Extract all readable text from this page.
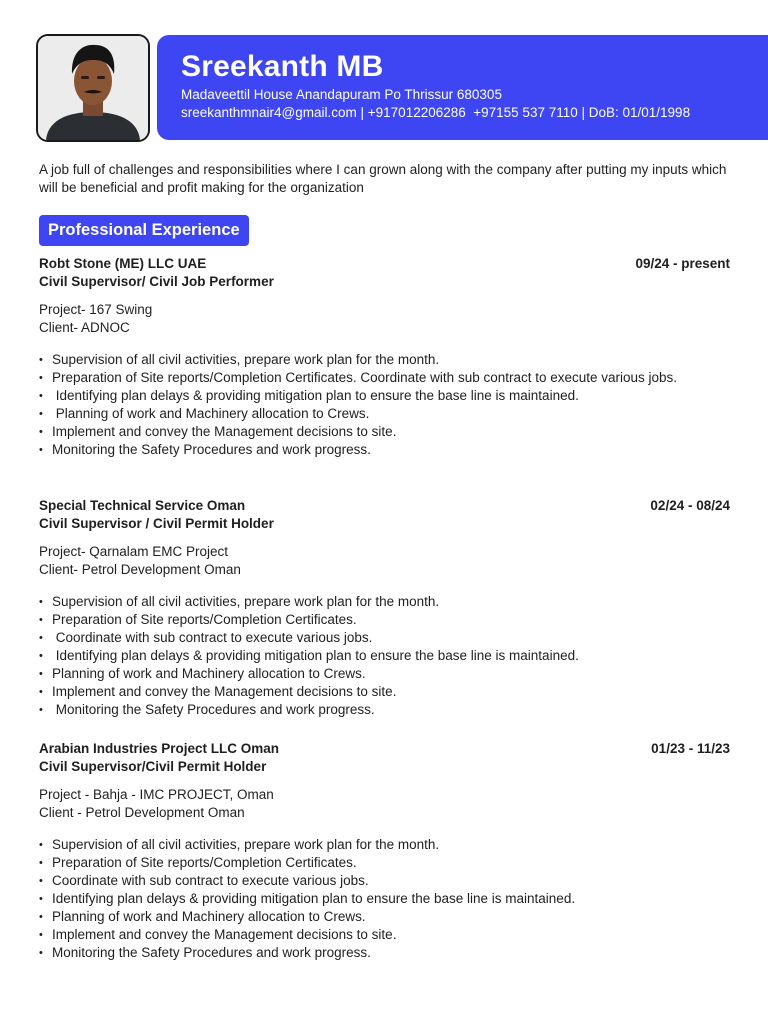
Sreekanth MB
Madaveettil House Anandapuram Po Thrissur 680305
sreekanthmnair4@gmail.com | +917012206286  +97155 537 7110 | DoB: 01/01/1998

A job full of challenges and responsibilities where I can grown along with the company after putting my inputs which will be beneficial and profit making for the organization

Professional Experience
Robt Stone (ME) LLC UAE	09/24 - present
Civil Supervisor/ Civil Job Performer
Project- 167 Swing
Client- ADNOC
• Supervision of all civil activities, prepare work plan for the month.
• Preparation of Site reports/Completion Certificates. Coordinate with sub contract to execute various jobs.
•  Identifying plan delays & providing mitigation plan to ensure the base line is maintained.
•  Planning of work and Machinery allocation to Crews.
• Implement and convey the Management decisions to site.
• Monitoring the Safety Procedures and work progress.
Special Technical Service Oman	02/24 - 08/24
Civil Supervisor / Civil Permit Holder
Project- Qarnalam EMC Project
Client- Petrol Development Oman
• Supervision of all civil activities, prepare work plan for the month.
• Preparation of Site reports/Completion Certificates.
•  Coordinate with sub contract to execute various jobs.
•  Identifying plan delays & providing mitigation plan to ensure the base line is maintained.
• Planning of work and Machinery allocation to Crews.
• Implement and convey the Management decisions to site.
•  Monitoring the Safety Procedures and work progress.
Arabian Industries Project LLC Oman	01/23 - 11/23
Civil Supervisor/Civil Permit Holder
Project - Bahja - IMC PROJECT, Oman
Client - Petrol Development Oman
• Supervision of all civil activities, prepare work plan for the month.
• Preparation of Site reports/Completion Certificates.
• Coordinate with sub contract to execute various jobs.
• Identifying plan delays & providing mitigation plan to ensure the base line is maintained.
• Planning of work and Machinery allocation to Crews.
• Implement and convey the Management decisions to site.
• Monitoring the Safety Procedures and work progress.
